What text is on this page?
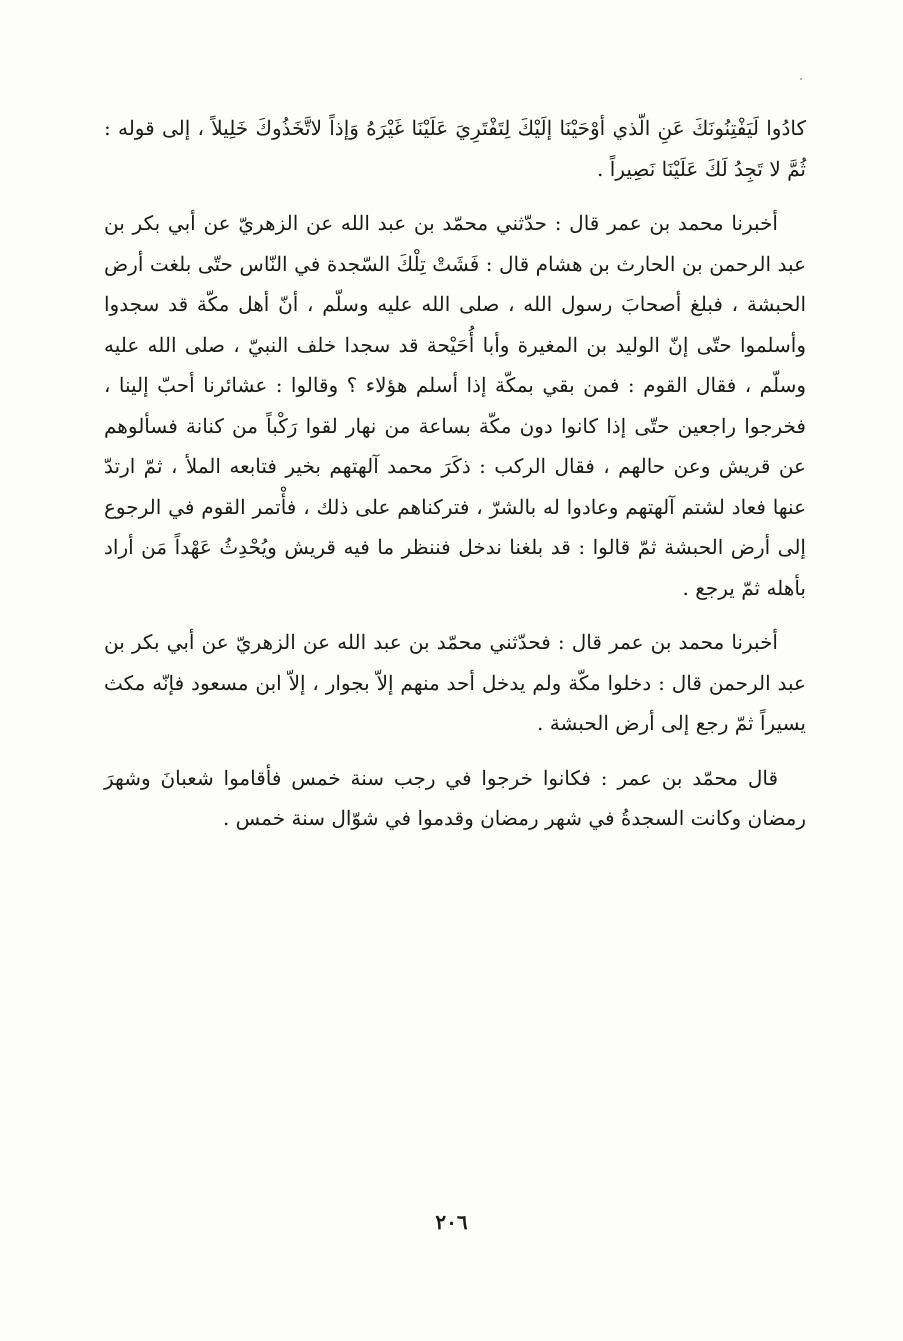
كادُوا لَيَفْتِنُونَكَ عَنِ الّذي أوْحَيْنَا إلَيْكَ لِتَفْتَرِيَ عَلَيْنَا غَيْرَهُ وَإذاً لاتَّخَذُوكَ خَلِيلاً ، إلى قوله : ثُمَّ لا تَجِدُ لَكَ عَلَيْنَا نَصِيراً .

أخبرنا محمد بن عمر قال : حدّثني محمّد بن عبد الله عن الزهريّ عن أبي بكر بن عبد الرحمن بن الحارث بن هشام قال : فَشَتْ تِلْكَ السّجدة في النّاس حتّى بلغت أرض الحبشة ، فبلغ أصحابَ رسول الله ، صلى الله عليه وسلّم ، أنّ أهل مكّة قد سجدوا وأسلموا حتّى إنّ الوليد بن المغيرة وأبا أُحَيْحة قد سجدا خلف النبيّ ، صلى الله عليه وسلّم ، فقال القوم : فمن بقي بمكّة إذا أسلم هؤلاء ؟ وقالوا : عشائرنا أحبّ إلينا ، فخرجوا راجعين حتّى إذا كانوا دون مكّة بساعة من نهار لقوا رَكْباً من كنانة فسألوهم عن قريش وعن حالهم ، فقال الركب : ذكَرَ محمد آلهتهم بخير فتابعه الملأ ، ثمّ ارتدّ عنها فعاد لشتم آلهتهم وعادوا له بالشرّ ، فتركناهم على ذلك ، فأْتمر القوم في الرجوع إلى أرض الحبشة ثمّ قالوا : قد بلغنا ندخل فننظر ما فيه قريش ويُحْدِثُ عَهْداً مَن أراد بأهله ثمّ يرجع .

أخبرنا محمد بن عمر قال : فحدّثني محمّد بن عبد الله عن الزهريّ عن أبي بكر بن عبد الرحمن قال : دخلوا مكّة ولم يدخل أحد منهم إلاّ بجوار ، إلاّ ابن مسعود فإنّه مكث يسيراً ثمّ رجع إلى أرض الحبشة .

قال محمّد بن عمر : فكانوا خرجوا في رجب سنة خمس فأقاموا شعبانَ وشهرَ رمضان وكانت السجدةُ في شهر رمضان وقدموا في شوّال سنة خمس .

٢٠٦
